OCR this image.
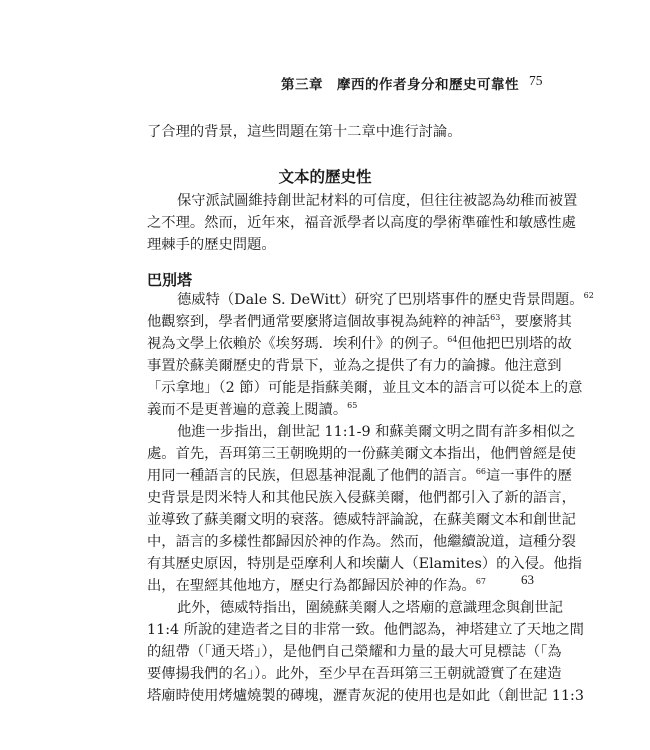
第三章　摩西的作者身分和歷史可靠性 75
了合理的背景，這些問題在第十二章中進行討論。
文本的歷史性
保守派試圖維持創世記材料的可信度，但往往被認為幼稚而被置
之不理。然而，近年來，福音派學者以高度的學術準確性和敏感性處
理棘手的歷史問題。
巴別塔
德威特（Dale S. DeWitt）研究了巴別塔事件的歷史背景問題。$^{62}$
他觀察到，學者們通常要麼將這個故事視為純粹的神話$^{63}$，要麼將其
視為文學上依賴於《埃努瑪．埃利什》的例子。$^{64}$但他把巴別塔的故
事置於蘇美爾歷史的背景下，並為之提供了有力的論據。他注意到
「示拿地」（2 節）可能是指蘇美爾，並且文本的語言可以從本上的意
義而不是更普遍的意義上閱讀。$^{65}$
他進一步指出，創世記 11:1-9 和蘇美爾文明之間有許多相似之
處。首先，吾珥第三王朝晚期的一份蘇美爾文本指出，他們曾經是使
用同一種語言的民族，但恩基神混亂了他們的語言。$^{66}$這一事件的歷
史背景是閃米特人和其他民族入侵蘇美爾，他們都引入了新的語言，
並導致了蘇美爾文明的衰落。德威特評論說，在蘇美爾文本和創世記
中，語言的多樣性都歸因於神的作為。然而，他繼續說道，這種分裂
有其歷史原因，特別是亞摩利人和埃蘭人（Elamites）的入侵。他指
出，在聖經其他地方，歷史行為都歸因於神的作為。$^{67}$
此外，德威特指出，圍繞蘇美爾人之塔廟的意識理念與創世記
11:4 所說的建造者之目的非常一致。他們認為，神塔建立了天地之間
的紐帶（「通天塔」），是他們自己榮耀和力量的最大可見標誌（「為
要傳揚我們的名」）。此外，至少早在吾珥第三王朝就證實了在建造
塔廟時使用烤爐燒製的磚塊，瀝青灰泥的使用也是如此（創世記 11:3
63
